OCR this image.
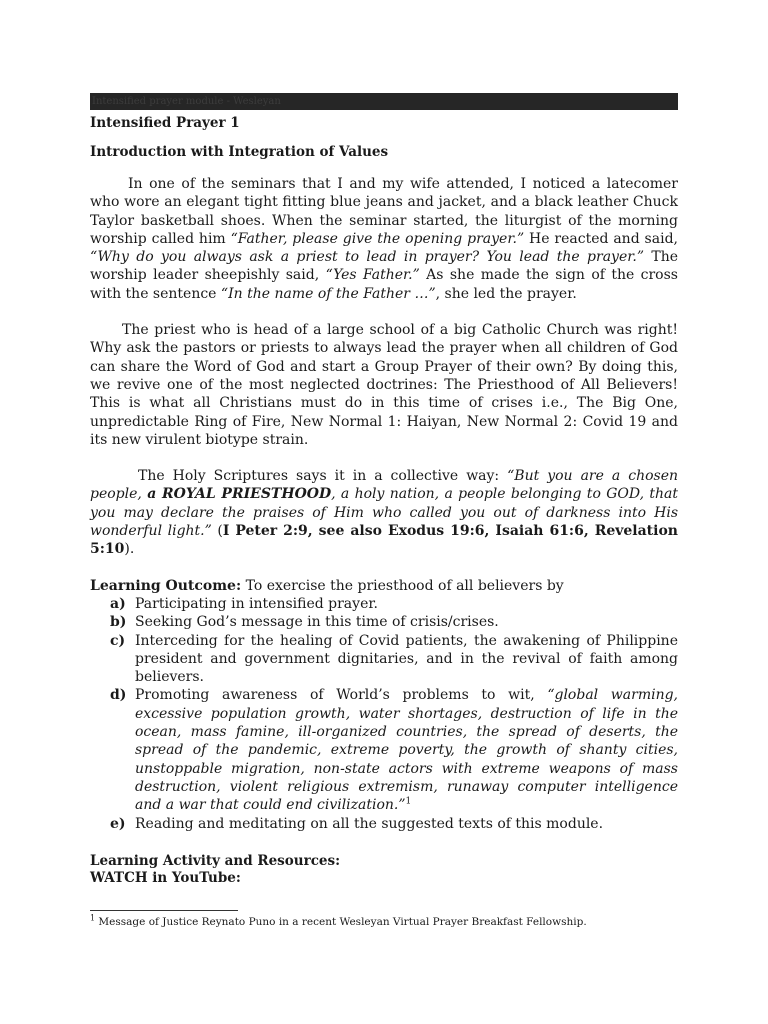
Intensified prayer module - Wesleyan
Intensified Prayer 1
Introduction with Integration of Values

In one of the seminars that I and my wife attended, I noticed a latecomer who wore an elegant tight fitting blue jeans and jacket, and a black leather Chuck Taylor basketball shoes. When the seminar started, the liturgist of the morning worship called him “Father, please give the opening prayer.” He reacted and said, “Why do you always ask a priest to lead in prayer? You lead the prayer.” The worship leader sheepishly said, “Yes Father.” As she made the sign of the cross with the sentence “In the name of the Father …”, she led the prayer.

The priest who is head of a large school of a big Catholic Church was right! Why ask the pastors or priests to always lead the prayer when all children of God can share the Word of God and start a Group Prayer of their own? By doing this, we revive one of the most neglected doctrines: The Priesthood of All Believers! This is what all Christians must do in this time of crises i.e., The Big One, unpredictable Ring of Fire, New Normal 1: Haiyan, New Normal 2: Covid 19 and its new virulent biotype strain.

The Holy Scriptures says it in a collective way: “But you are a chosen people, a ROYAL PRIESTHOOD, a holy nation, a people belonging to GOD, that you may declare the praises of Him who called you out of darkness into His wonderful light.” (I Peter 2:9, see also Exodus 19:6, Isaiah 61:6, Revelation 5:10).

Learning Outcome: To exercise the priesthood of all believers by
a) Participating in intensified prayer.
b) Seeking God’s message in this time of crisis/crises.
c) Interceding for the healing of Covid patients, the awakening of Philippine president and government dignitaries, and in the revival of faith among believers.
d) Promoting awareness of World’s problems to wit, “global warming, excessive population growth, water shortages, destruction of life in the ocean, mass famine, ill-organized countries, the spread of deserts, the spread of the pandemic, extreme poverty, the growth of shanty cities, unstoppable migration, non-state actors with extreme weapons of mass destruction, violent religious extremism, runaway computer intelligence and a war that could end civilization.”$^1$
e) Reading and meditating on all the suggested texts of this module.
Learning Activity and Resources:
WATCH in YouTube:
$^1$ Message of Justice Reynato Puno in a recent Wesleyan Virtual Prayer Breakfast Fellowship.
